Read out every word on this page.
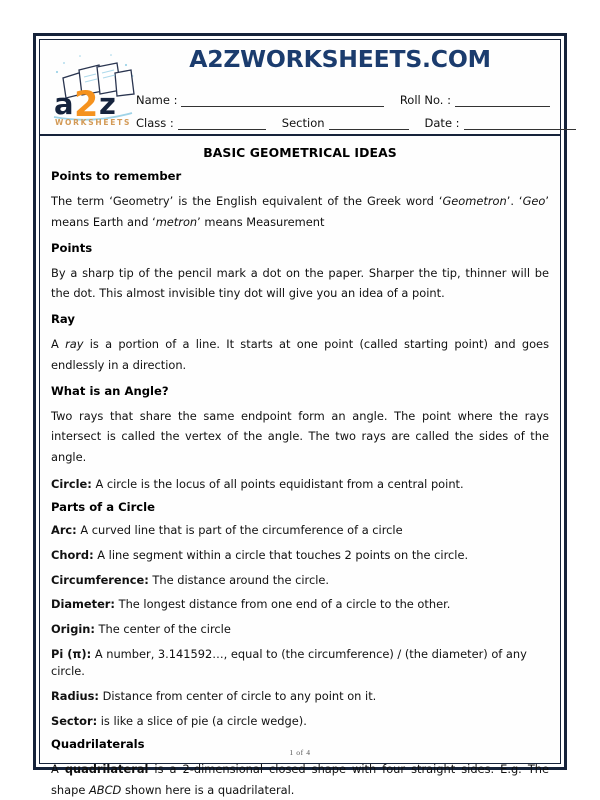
a 2 z
WORKSHEETS
A2ZWORKSHEETS.COM
Name :	Roll No. :
Class :	Section	Date :
BASIC GEOMETRICAL IDEAS
Points to remember

The term ‘Geometry’ is the English equivalent of the Greek word ‘Geometron’. ‘Geo’ means Earth and ‘metron’ means Measurement

Points

By a sharp tip of the pencil mark a dot on the paper. Sharper the tip, thinner will be the dot. This almost invisible tiny dot will give you an idea of a point.

Ray

A ray is a portion of a line. It starts at one point (called starting point) and goes endlessly in a direction.

What is an Angle?

Two rays that share the same endpoint form an angle. The point where the rays intersect is called the vertex of the angle. The two rays are called the sides of the angle.

Circle: A circle is the locus of all points equidistant from a central point.

Parts of a Circle

Arc: A curved line that is part of the circumference of a circle

Chord: A line segment within a circle that touches 2 points on the circle.

Circumference: The distance around the circle.

Diameter: The longest distance from one end of a circle to the other.

Origin: The center of the circle

Pi (π): A number, 3.141592…, equal to (the circumference) / (the diameter) of any circle.

Radius: Distance from center of circle to any point on it.

Sector: is like a slice of pie (a circle wedge).

Quadrilaterals

A quadrilateral is a 2-dimensional closed shape with four straight sides. E.g. The shape ABCD shown here is a quadrilateral.

1 of 4
